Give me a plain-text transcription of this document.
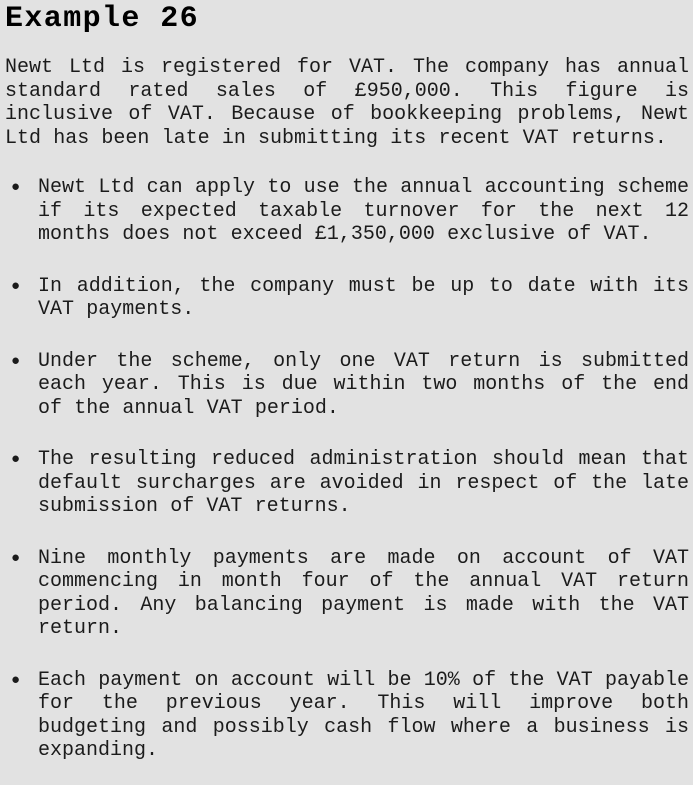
Example 26
Newt Ltd is registered for VAT. The company has annual
standard rated sales of £950,000. This figure is
inclusive of VAT. Because of bookkeeping problems, Newt
Ltd has been late in submitting its recent VAT returns.
● Newt Ltd can apply to use the annual accounting scheme
if its expected taxable turnover for the next 12
months does not exceed £1,350,000 exclusive of VAT.
● In addition, the company must be up to date with its
VAT payments.
● Under the scheme, only one VAT return is submitted
each year. This is due within two months of the end
of the annual VAT period.
● The resulting reduced administration should mean that
default surcharges are avoided in respect of the late
submission of VAT returns.
● Nine monthly payments are made on account of VAT
commencing in month four of the annual VAT return
period. Any balancing payment is made with the VAT
return.
● Each payment on account will be 10% of the VAT payable
for the previous year. This will improve both
budgeting and possibly cash flow where a business is
expanding.
